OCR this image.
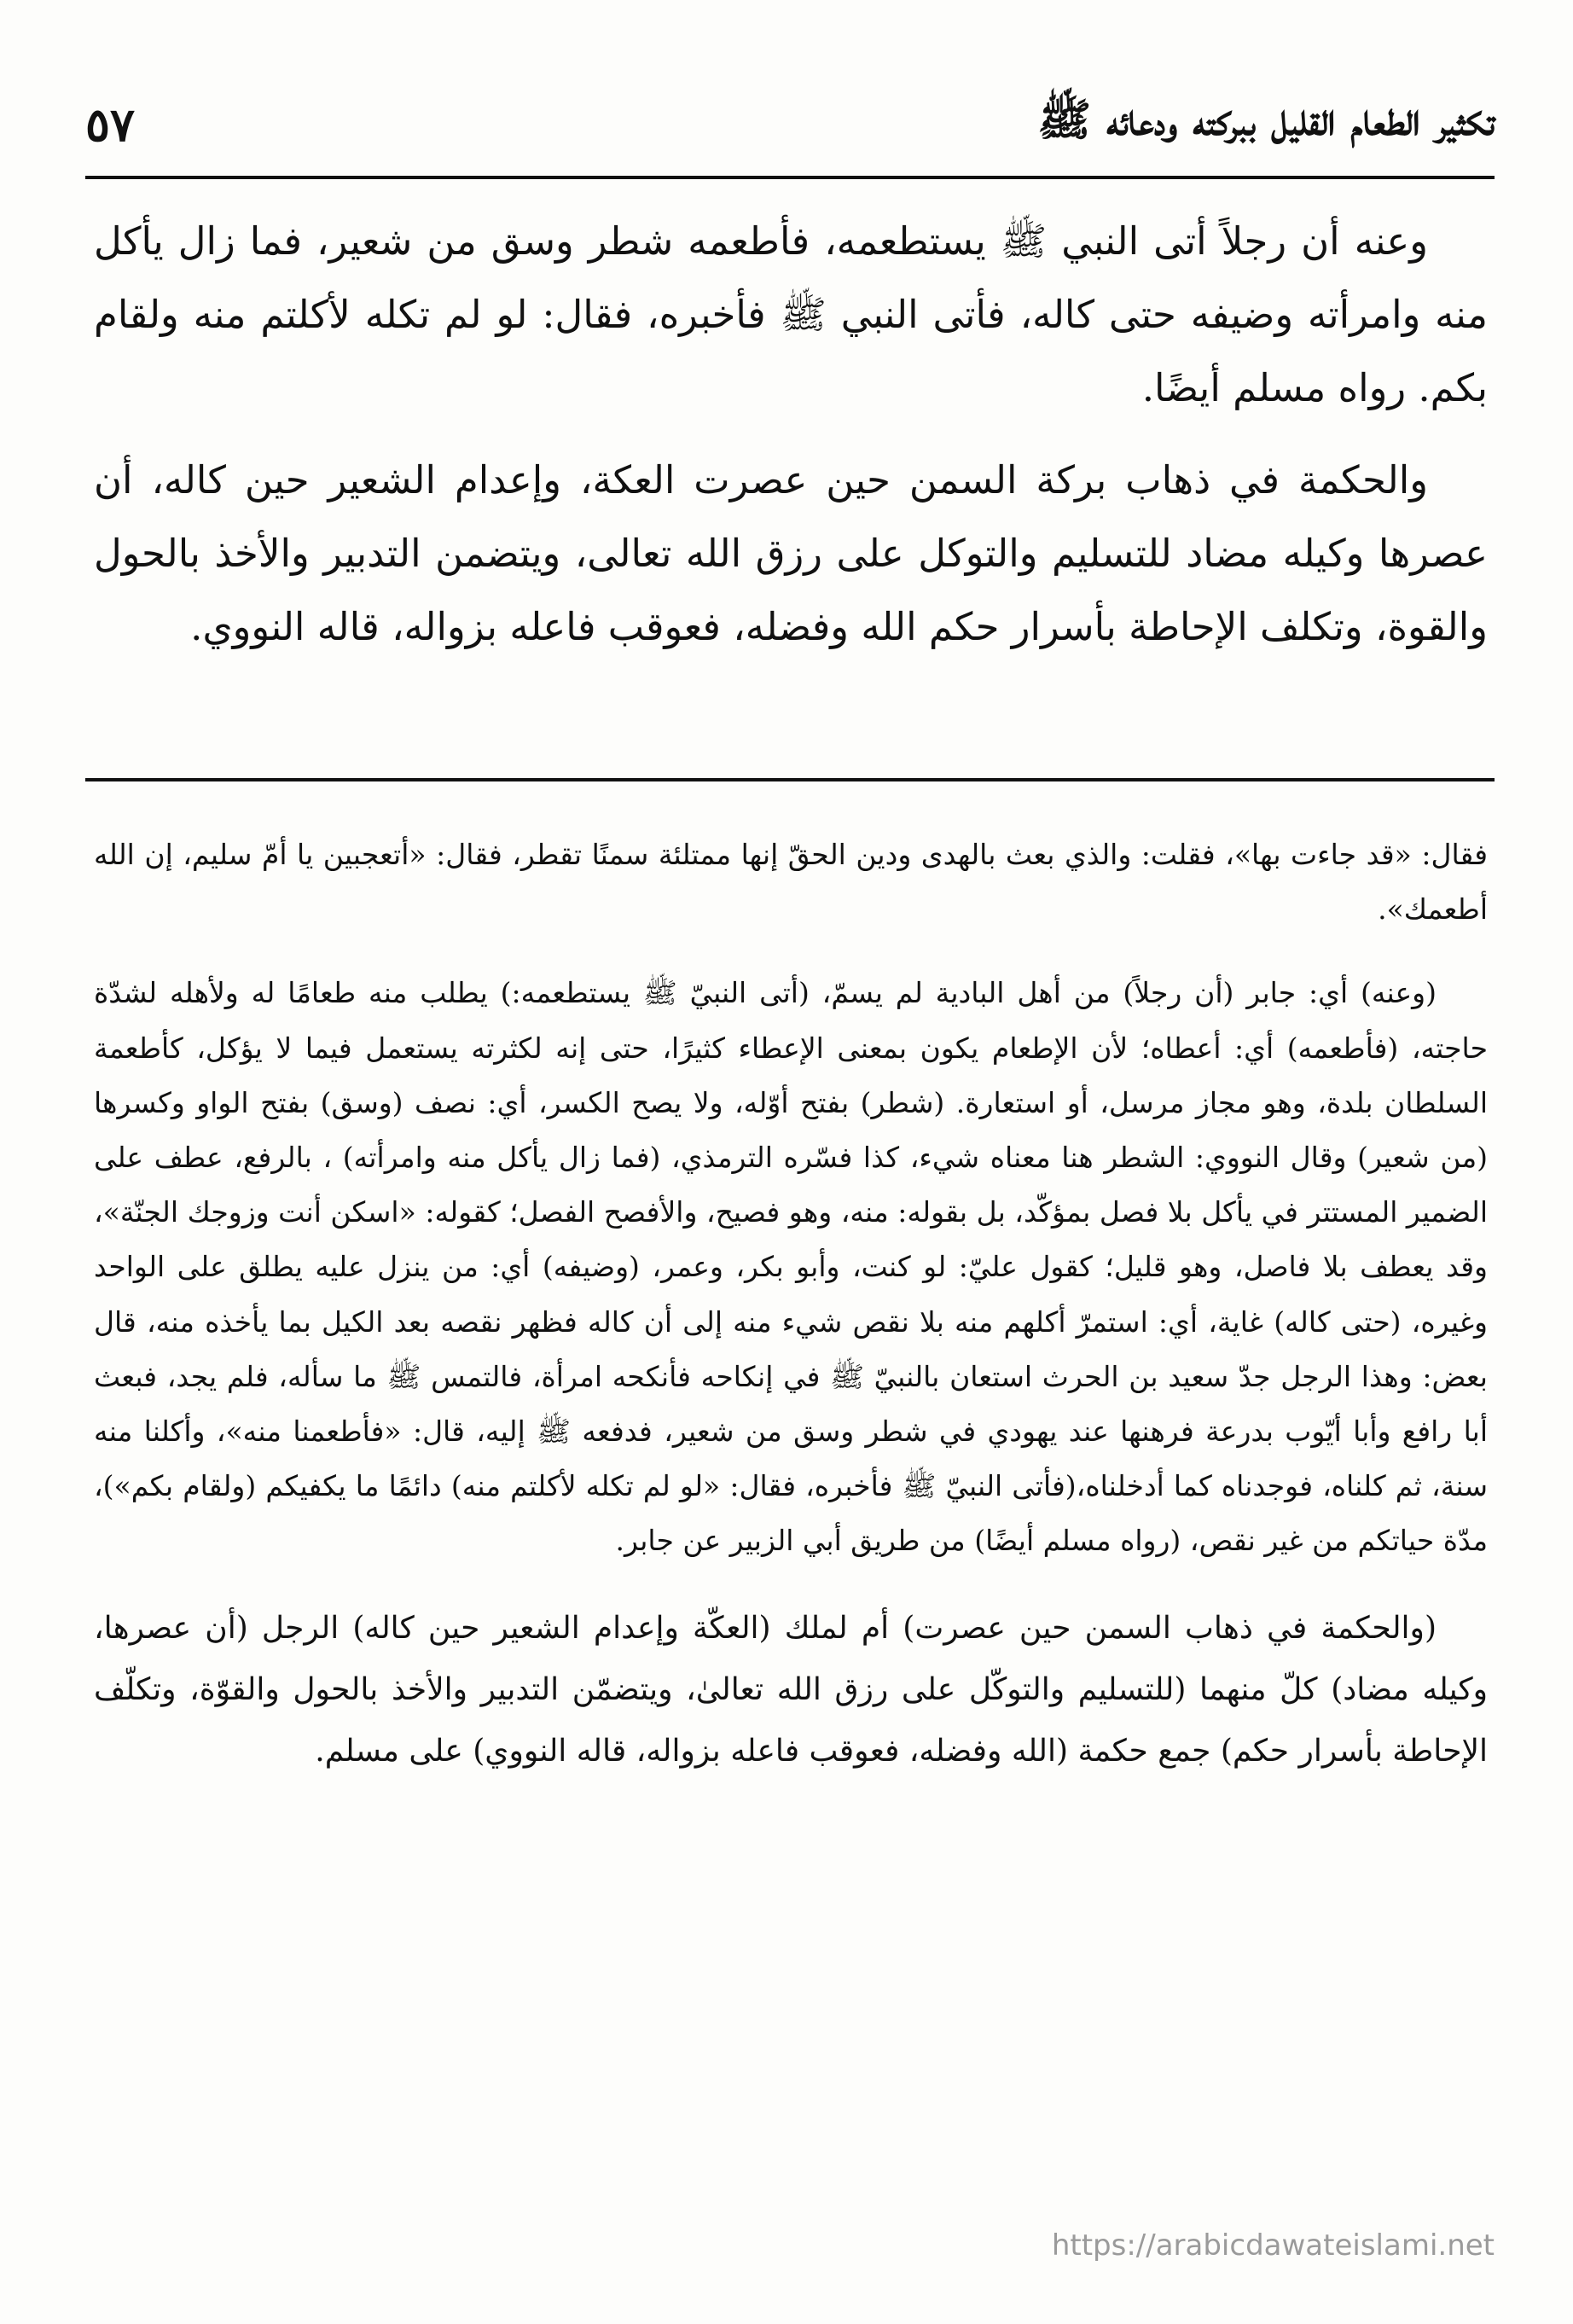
تكثير الطعام القليل ببركته ودعائه ﷺ
٥٧

وعنه أن رجلاً أتى النبي ﷺ يستطعمه، فأطعمه شطر وسق من شعير، فما زال يأكل منه وامرأته وضيفه حتى كاله، فأتى النبي ﷺ فأخبره، فقال: لو لم تكله لأكلتم منه ولقام بكم. رواه مسلم أيضًا.

والحكمة في ذهاب بركة السمن حين عصرت العكة، وإعدام الشعير حين كاله، أن عصرها وكيله مضاد للتسليم والتوكل على رزق الله تعالى، ويتضمن التدبير والأخذ بالحول والقوة، وتكلف الإحاطة بأسرار حكم الله وفضله، فعوقب فاعله بزواله، قاله النووي.

فقال: «قد جاءت بها»، فقلت: والذي بعث بالهدى ودين الحقّ إنها ممتلئة سمنًا تقطر، فقال: «أتعجبين يا أمّ سليم، إن الله أطعمك».

(وعنه) أي: جابر (أن رجلاً) من أهل البادية لم يسمّ، (أتى النبيّ ﷺ يستطعمه:) يطلب منه طعامًا له ولأهله لشدّة حاجته، (فأطعمه) أي: أعطاه؛ لأن الإطعام يكون بمعنى الإعطاء كثيرًا، حتى إنه لكثرته يستعمل فيما لا يؤكل، كأطعمة السلطان بلدة، وهو مجاز مرسل، أو استعارة. (شطر) بفتح أوّله، ولا يصح الكسر، أي: نصف (وسق) بفتح الواو وكسرها (من شعير) وقال النووي: الشطر هنا معناه شيء، كذا فسّره الترمذي، (فما زال يأكل منه وامرأته) ، بالرفع، عطف على الضمير المستتر في يأكل بلا فصل بمؤكّد، بل بقوله: منه، وهو فصيح، والأفصح الفصل؛ كقوله: «اسكن أنت وزوجك الجنّة»، وقد يعطف بلا فاصل، وهو قليل؛ كقول عليّ: لو كنت، وأبو بكر، وعمر، (وضيفه) أي: من ينزل عليه يطلق على الواحد وغيره، (حتى كاله) غاية، أي: استمرّ أكلهم منه بلا نقص شيء منه إلى أن كاله فظهر نقصه بعد الكيل بما يأخذه منه، قال بعض: وهذا الرجل جدّ سعيد بن الحرث استعان بالنبيّ ﷺ في إنكاحه فأنكحه امرأة، فالتمس ﷺ ما سأله، فلم يجد، فبعث أبا رافع وأبا أيّوب بدرعة فرهنها عند يهودي في شطر وسق من شعير، فدفعه ﷺ إليه، قال: «فأطعمنا منه»، وأكلنا منه سنة، ثم كلناه، فوجدناه كما أدخلناه،(فأتى النبيّ ﷺ فأخبره، فقال: «لو لم تكله لأكلتم منه) دائمًا ما يكفيكم (ولقام بكم»)، مدّة حياتكم من غير نقص، (رواه مسلم أيضًا) من طريق أبي الزبير عن جابر.

(والحكمة في ذهاب السمن حين عصرت) أم لملك (العكّة وإعدام الشعير حين كاله) الرجل (أن عصرها، وكيله مضاد) كلّ منهما (للتسليم والتوكّل على رزق الله تعالىٰ، ويتضمّن التدبير والأخذ بالحول والقوّة، وتكلّف الإحاطة بأسرار حكم) جمع حكمة (الله وفضله، فعوقب فاعله بزواله، قاله النووي) على مسلم.

https://arabicdawateislami.net
